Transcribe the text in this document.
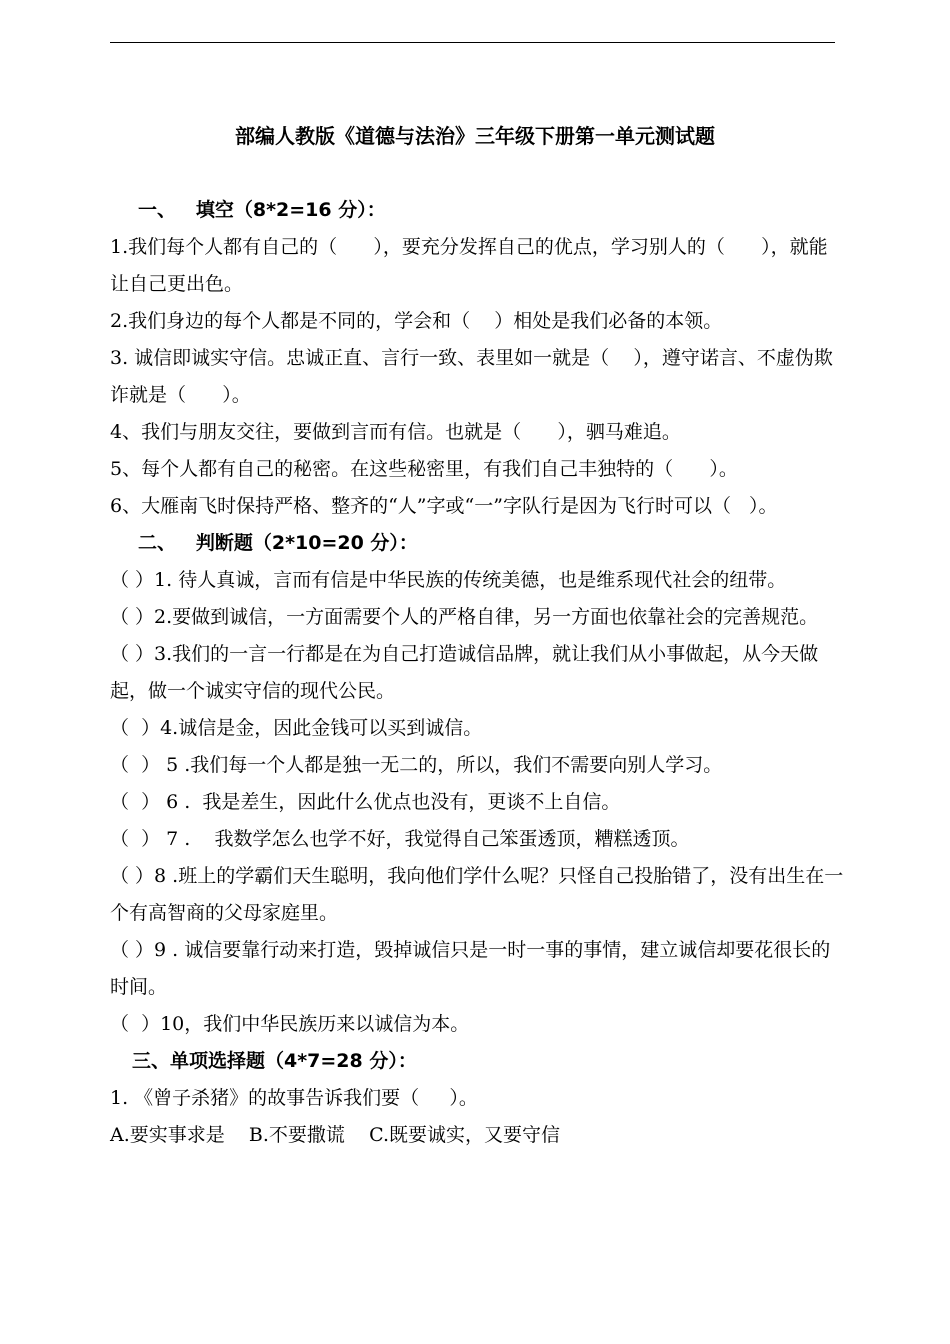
部编人教版《道德与法治》三年级下册第一单元测试题
一、   填空（8*2=16 分）：

1.我们每个人都有自己的（      ），要充分发挥自己的优点，学习别人的（      ），就能让自己更出色。

2.我们身边的每个人都是不同的，学会和（    ）相处是我们必备的本领。

3. 诚信即诚实守信。忠诚正直、言行一致、表里如一就是（    ），遵守诺言、不虚伪欺诈就是（      ）。

4、我们与朋友交往，要做到言而有信。也就是（      ），驷马难追。

5、每个人都有自己的秘密。在这些秘密里，有我们自己丰独特的（      ）。

6、大雁南飞时保持严格、整齐的“人”字或“一”字队行是因为飞行时可以（   ）。

二、   判断题（2*10=20 分）：

（ ）1. 待人真诚，言而有信是中华民族的传统美德，也是维系现代社会的纽带。

（ ）2.要做到诚信，一方面需要个人的严格自律，另一方面也依靠社会的完善规范。

（ ）3.我们的一言一行都是在为自己打造诚信品牌，就让我们从小事做起，从今天做起，做一个诚实守信的现代公民。

（  ）4.诚信是金，因此金钱可以买到诚信。

（  ） 5 .我们每一个人都是独一无二的，所以，我们不需要向别人学习。

（  ） 6 .  我是差生，因此什么优点也没有，更谈不上自信。

（  ） 7 .    我数学怎么也学不好，我觉得自己笨蛋透顶，糟糕透顶。

（ ）8 .班上的学霸们天生聪明，我向他们学什么呢？只怪自己投胎错了，没有出生在一个有高智商的父母家庭里。

（ ）9 . 诚信要靠行动来打造，毁掉诚信只是一时一事的事情，建立诚信却要花很长的时间。

（  ）10，我们中华民族历来以诚信为本。

三、单项选择题（4*7=28 分）：

1. 《曾子杀猪》的故事告诉我们要（     ）。

A.要实事求是    B.不要撒谎    C.既要诚实，又要守信
